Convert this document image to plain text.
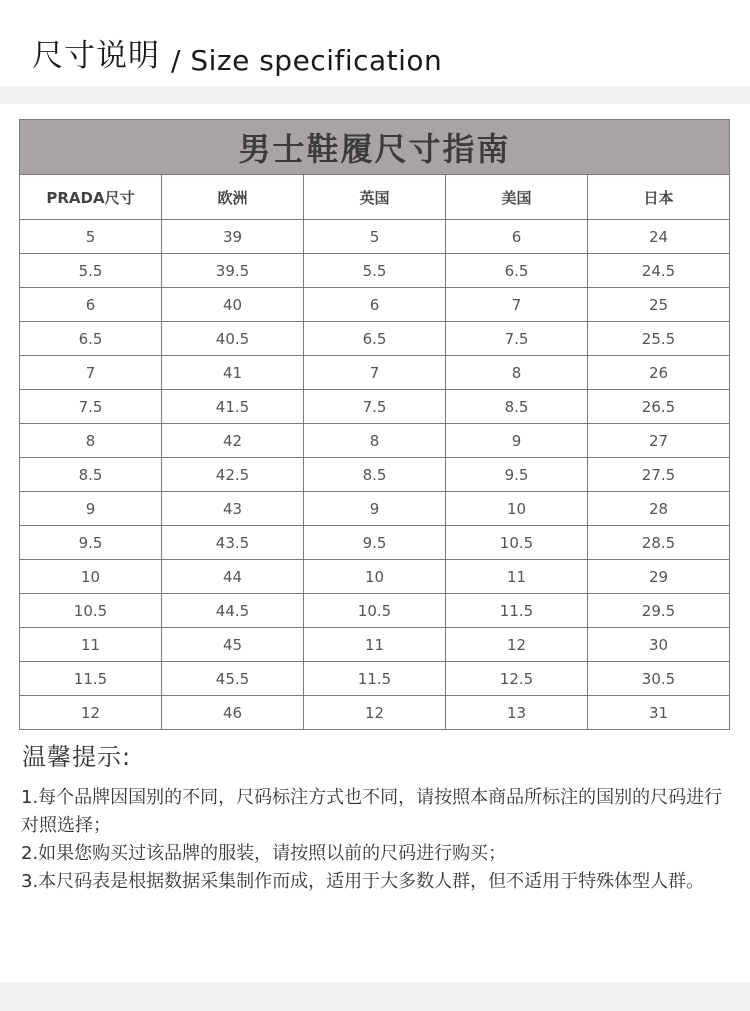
尺寸说明 / Size specification
男士鞋履尺寸指南				
PRADA尺寸	欧洲	英国	美国	日本
5	39	5	6	24
5.5	39.5	5.5	6.5	24.5
6	40	6	7	25
6.5	40.5	6.5	7.5	25.5
7	41	7	8	26
7.5	41.5	7.5	8.5	26.5
8	42	8	9	27
8.5	42.5	8.5	9.5	27.5
9	43	9	10	28
9.5	43.5	9.5	10.5	28.5
10	44	10	11	29
10.5	44.5	10.5	11.5	29.5
11	45	11	12	30
11.5	45.5	11.5	12.5	30.5
12	46	12	13	31
温馨提示:

1.每个品牌因国别的不同，尺码标注方式也不同，请按照本商品所标注的国别的尺码进行对照选择；

2.如果您购买过该品牌的服装，请按照以前的尺码进行购买；

3.本尺码表是根据数据采集制作而成，适用于大多数人群，但不适用于特殊体型人群。
